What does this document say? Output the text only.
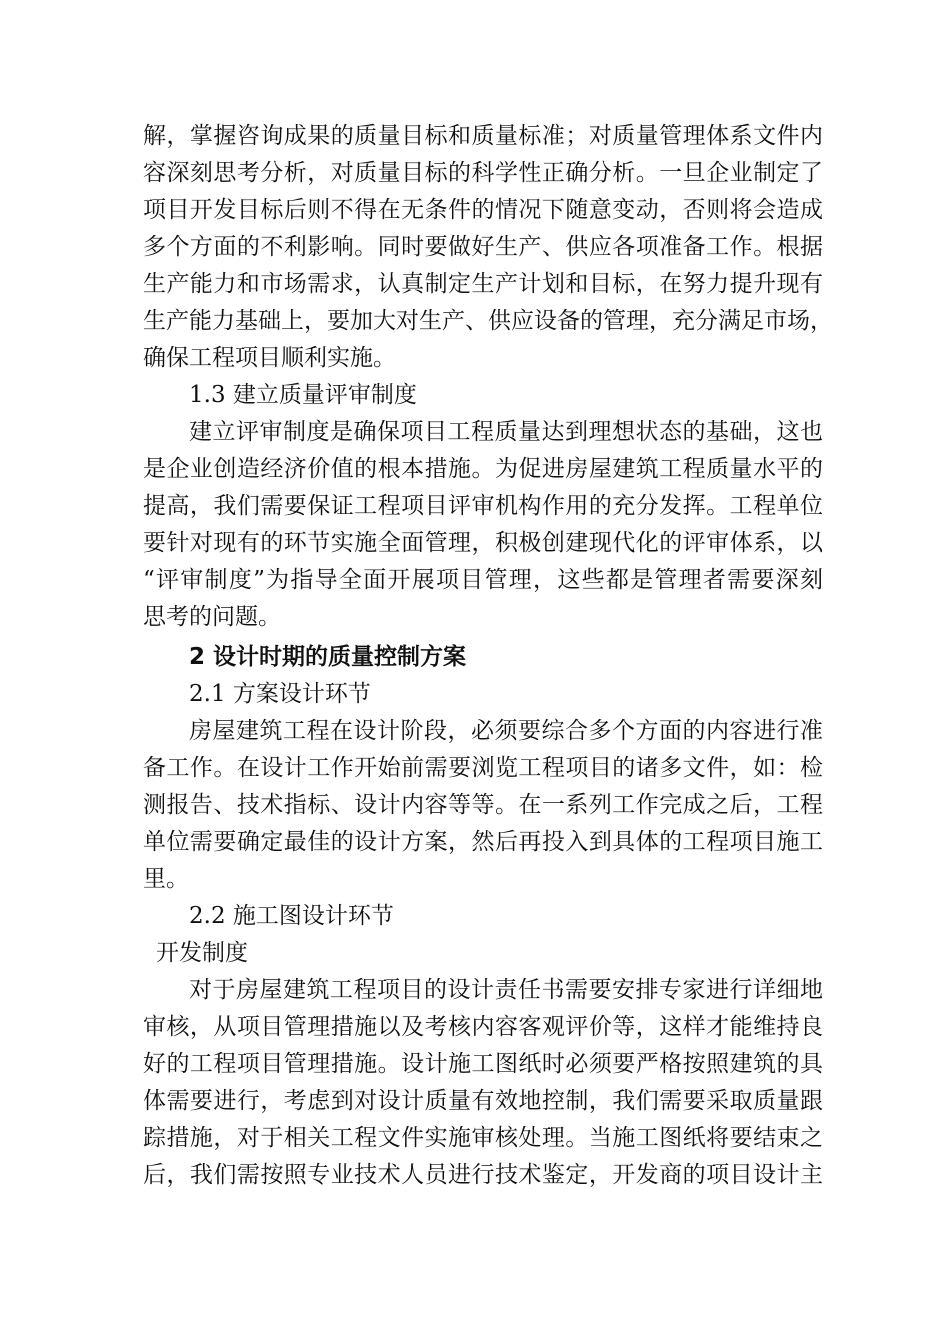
解，掌握咨询成果的质量目标和质量标准；对质量管理体系文件内
容深刻思考分析，对质量目标的科学性正确分析。一旦企业制定了
项目开发目标后则不得在无条件的情况下随意变动，否则将会造成
多个方面的不利影响。同时要做好生产、供应各项准备工作。根据
生产能力和市场需求，认真制定生产计划和目标，在努力提升现有
生产能力基础上，要加大对生产、供应设备的管理，充分满足市场，
确保工程项目顺利实施。
1.3 建立质量评审制度
建立评审制度是确保项目工程质量达到理想状态的基础，这也
是企业创造经济价值的根本措施。为促进房屋建筑工程质量水平的
提高，我们需要保证工程项目评审机构作用的充分发挥。工程单位
要针对现有的环节实施全面管理，积极创建现代化的评审体系，以
“评审制度”为指导全面开展项目管理，这些都是管理者需要深刻
思考的问题。
2 设计时期的质量控制方案
2.1 方案设计环节
房屋建筑工程在设计阶段，必须要综合多个方面的内容进行准
备工作。在设计工作开始前需要浏览工程项目的诸多文件，如：检
测报告、技术指标、设计内容等等。在一系列工作完成之后，工程
单位需要确定最佳的设计方案，然后再投入到具体的工程项目施工
里。
2.2 施工图设计环节
开发制度
对于房屋建筑工程项目的设计责任书需要安排专家进行详细地
审核，从项目管理措施以及考核内容客观评价等，这样才能维持良
好的工程项目管理措施。设计施工图纸时必须要严格按照建筑的具
体需要进行，考虑到对设计质量有效地控制，我们需要采取质量跟
踪措施，对于相关工程文件实施审核处理。当施工图纸将要结束之
后，我们需按照专业技术人员进行技术鉴定，开发商的项目设计主
